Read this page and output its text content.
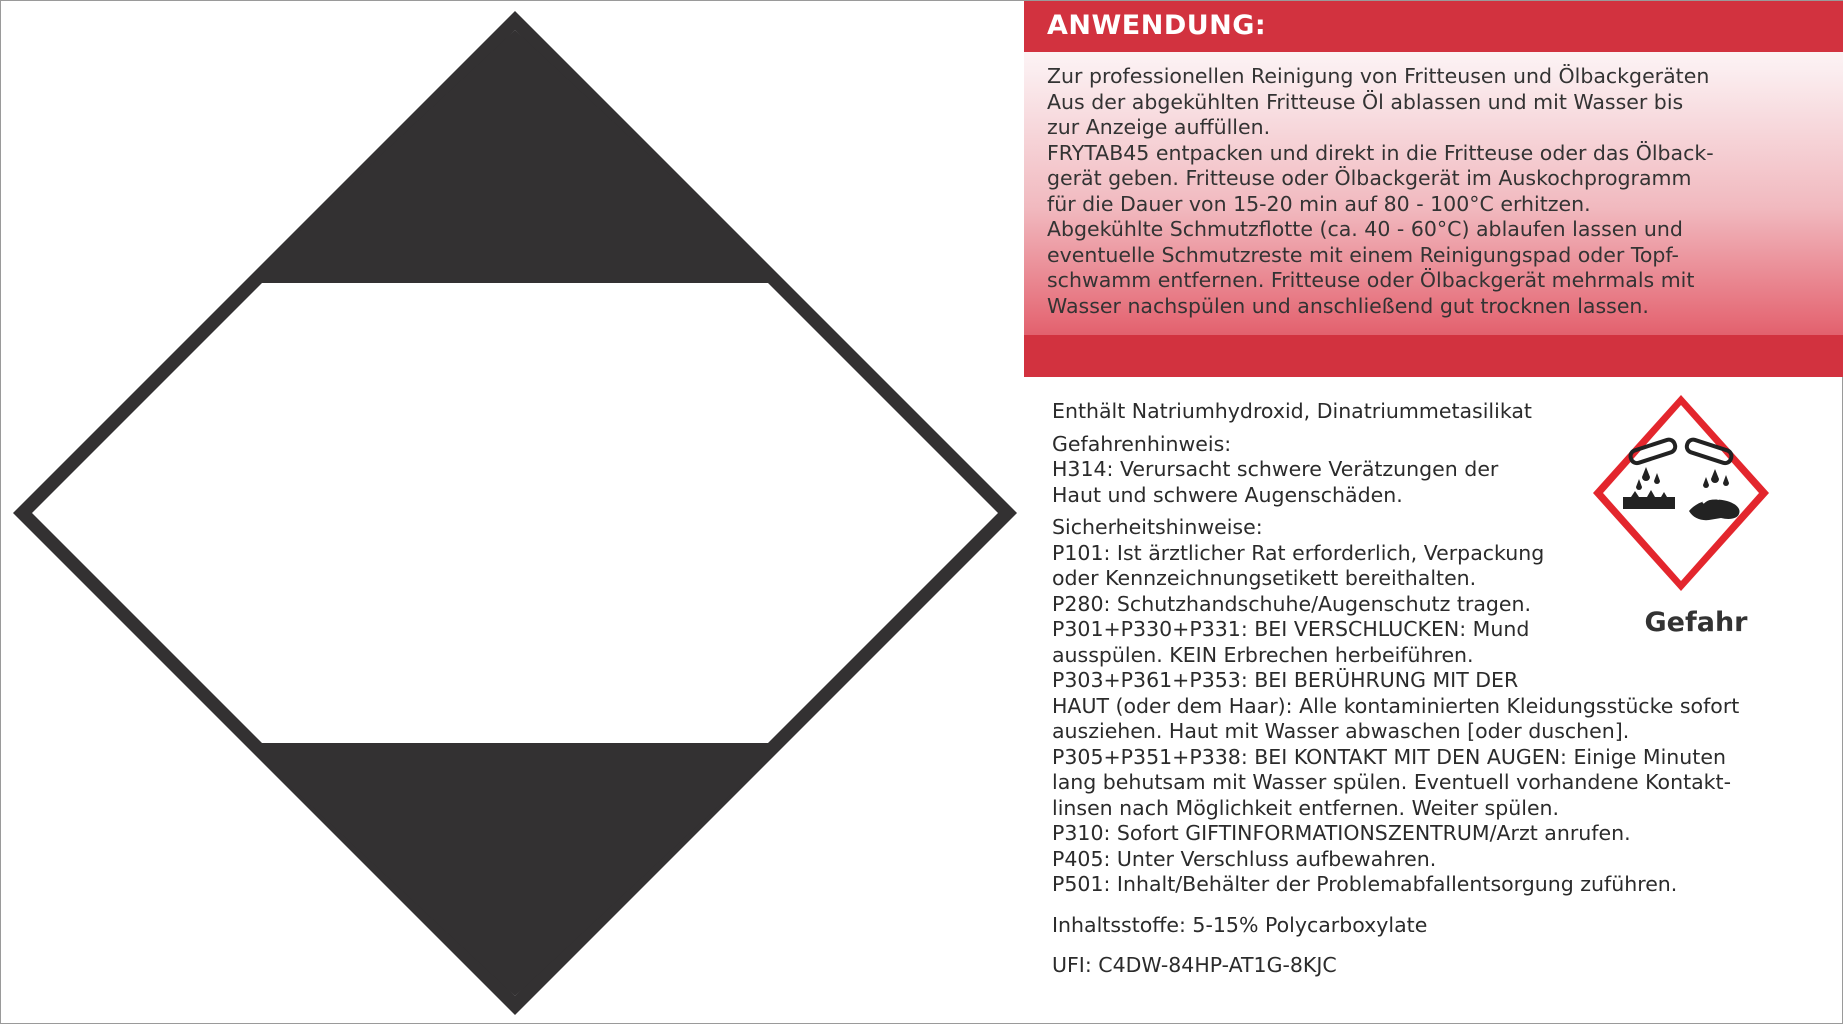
ANWENDUNG:

Zur professionellen Reinigung von Fritteusen und Ölbackgeräten

Aus der abgekühlten Fritteuse Öl ablassen und mit Wasser bis

zur Anzeige auffüllen.

FRYTAB45 entpacken und direkt in die Fritteuse oder das Ölback-

gerät geben. Fritteuse oder Ölbackgerät im Auskochprogramm

für die Dauer von 15-20 min auf 80 - 100°C erhitzen.

Abgekühlte Schmutzflotte (ca. 40 - 60°C) ablaufen lassen und

eventuelle Schmutzreste mit einem Reinigungspad oder Topf-

schwamm entfernen. Fritteuse oder Ölbackgerät mehrmals mit

Wasser nachspülen und anschließend gut trocknen lassen.

Enthält Natriumhydroxid, Dinatriummetasilikat

Gefahrenhinweis:

H314: Verursacht schwere Verätzungen der

Haut und schwere Augenschäden.

Sicherheitshinweise:

P101: Ist ärztlicher Rat erforderlich, Verpackung

oder Kennzeichnungsetikett bereithalten.

P280: Schutzhandschuhe/Augenschutz tragen.

P301+P330+P331: BEI VERSCHLUCKEN: Mund

ausspülen. KEIN Erbrechen herbeiführen.

P303+P361+P353: BEI BERÜHRUNG MIT DER

HAUT (oder dem Haar): Alle kontaminierten Kleidungsstücke sofort

ausziehen. Haut mit Wasser abwaschen [oder duschen].

P305+P351+P338: BEI KONTAKT MIT DEN AUGEN: Einige Minuten

lang behutsam mit Wasser spülen. Eventuell vorhandene Kontakt-

linsen nach Möglichkeit entfernen. Weiter spülen.

P310: Sofort GIFTINFORMATIONSZENTRUM/Arzt anrufen.

P405: Unter Verschluss aufbewahren.

P501: Inhalt/Behälter der Problemabfallentsorgung zuführen.

Inhaltsstoffe: 5-15% Polycarboxylate

UFI: C4DW-84HP-AT1G-8KJC

Gefahr
